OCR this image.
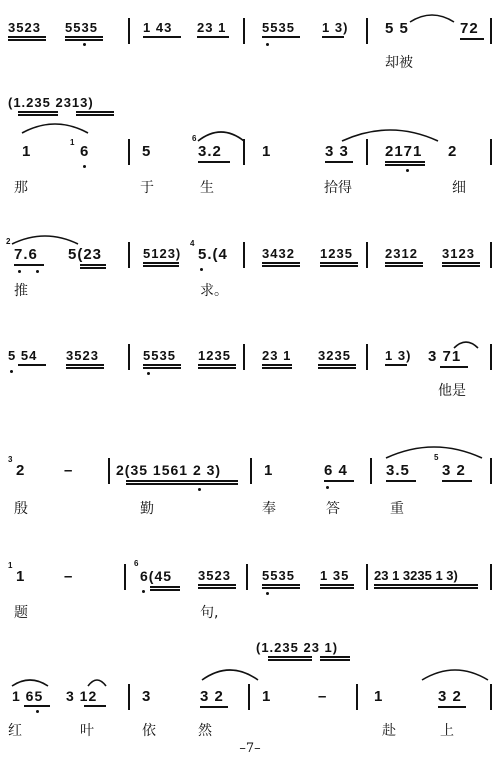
3523 5535	1 43 23 1	5535 1 3) 5 5	72
却被
(1.235 2313)
1
1
6	5
6
3.2	1	3 3 2171 2
那	于	生	拾得	细
2
7.6 5(23	5123)
4
5.(4	3432 1235 2312 3123
推	求。
5 54 3523	5535 1235 23 1 3235	1 3) 3 71
他是
3
2	–	2(35 1561 2 3)	1	6 4	3.5
5
3 2
殷	勤	奉	答	重
1
1	–
6
6(45 3523 5535 1 35 23 1 3235 1 3)
题	句,
(1.235 23 1)
1 65 3 12	3	3 2	1	–	1	3 2
红	叶	依	然	赴	上
–7–
